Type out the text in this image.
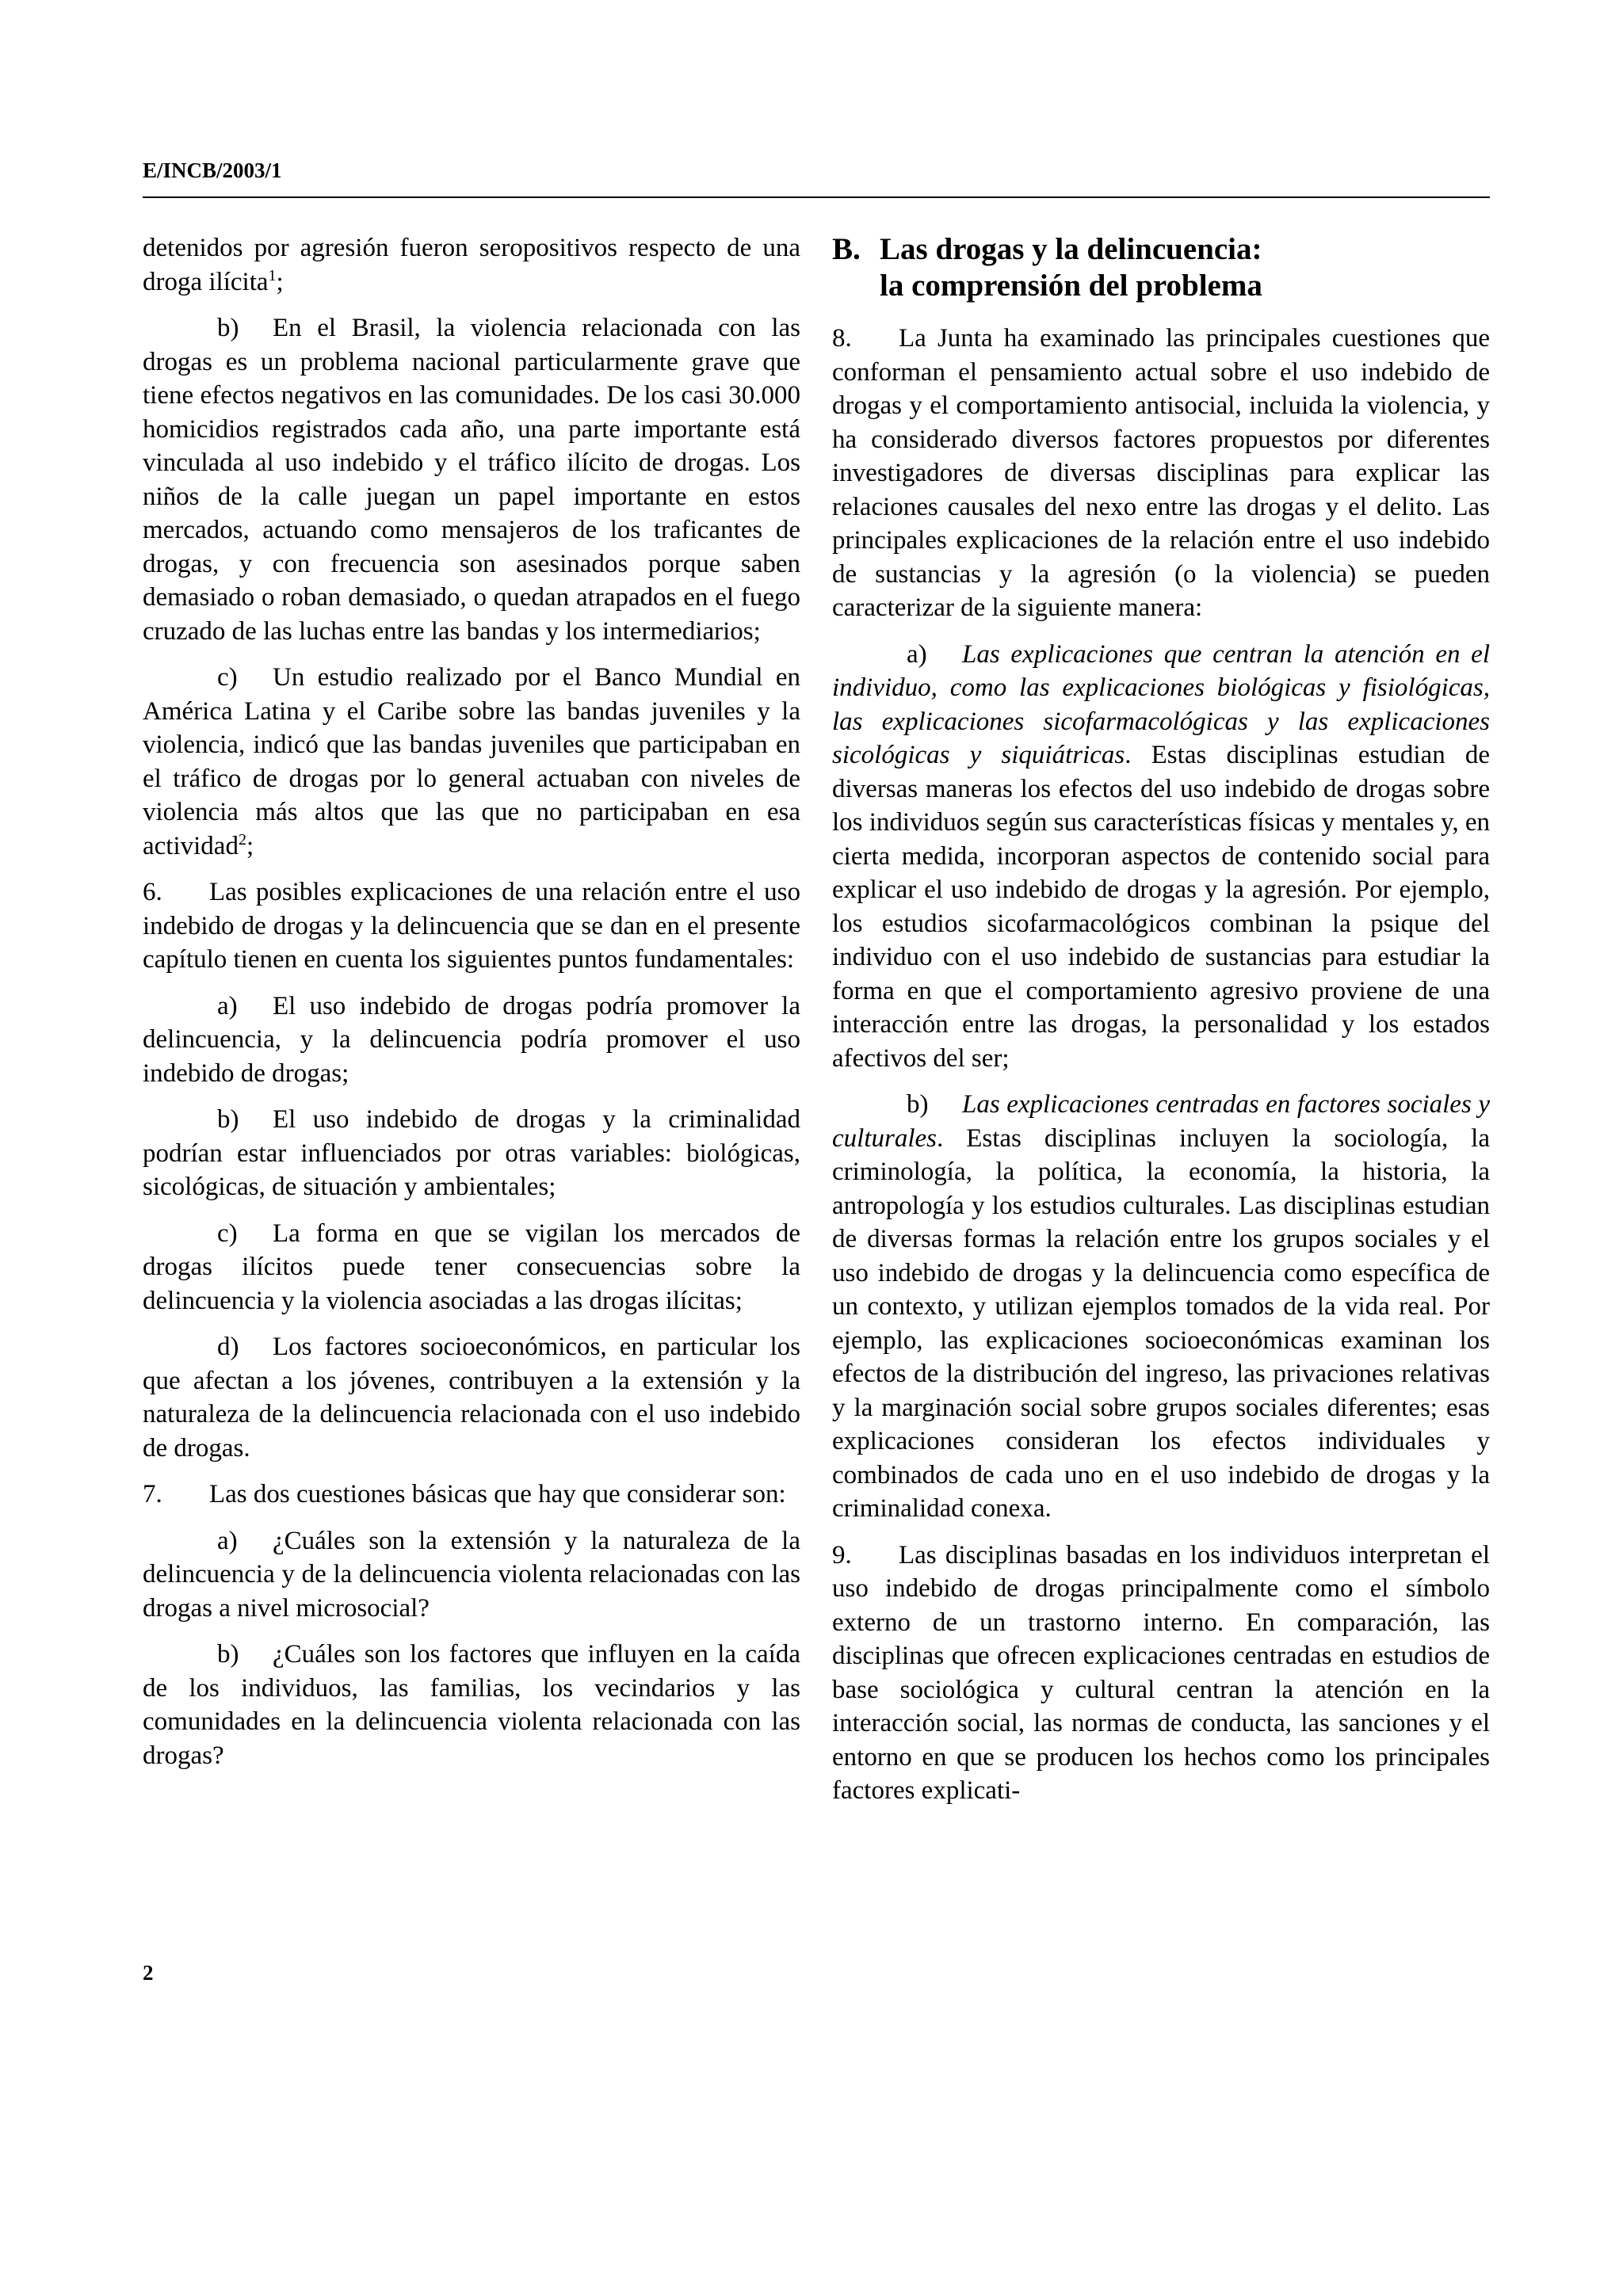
E/INCB/2003/1

detenidos por agresión fueron seropositivos respecto de una droga ilícita$^1$;

b) En el Brasil, la violencia relacionada con las drogas es un problema nacional particularmente grave que tiene efectos negativos en las comunidades. De los casi 30.000 homicidios registrados cada año, una parte importante está vinculada al uso indebido y el tráfico ilícito de drogas. Los niños de la calle juegan un papel importante en estos mercados, actuando como mensajeros de los traficantes de drogas, y con frecuencia son asesinados porque saben demasiado o roban demasiado, o quedan atrapados en el fuego cruzado de las luchas entre las bandas y los intermediarios;

c) Un estudio realizado por el Banco Mundial en América Latina y el Caribe sobre las bandas juveniles y la violencia, indicó que las bandas juveniles que participaban en el tráfico de drogas por lo general actuaban con niveles de violencia más altos que las que no participaban en esa actividad$^2$;

6. Las posibles explicaciones de una relación entre el uso indebido de drogas y la delincuencia que se dan en el presente capítulo tienen en cuenta los siguientes puntos fundamentales:

a) El uso indebido de drogas podría promover la delincuencia, y la delincuencia podría promover el uso indebido de drogas;

b) El uso indebido de drogas y la criminalidad podrían estar influenciados por otras variables: biológicas, sicológicas, de situación y ambientales;

c) La forma en que se vigilan los mercados de drogas ilícitos puede tener consecuencias sobre la delincuencia y la violencia asociadas a las drogas ilícitas;

d) Los factores socioeconómicos, en particular los que afectan a los jóvenes, contribuyen a la extensión y la naturaleza de la delincuencia relacionada con el uso indebido de drogas.

7. Las dos cuestiones básicas que hay que considerar son:

a) ¿Cuáles son la extensión y la naturaleza de la delincuencia y de la delincuencia violenta relacionadas con las drogas a nivel microsocial?

b) ¿Cuáles son los factores que influyen en la caída de los individuos, las familias, los vecindarios y las comunidades en la delincuencia violenta relacionada con las drogas?

B. Las drogas y la delincuencia:
la comprensión del problema

8. La Junta ha examinado las principales cuestiones que conforman el pensamiento actual sobre el uso indebido de drogas y el comportamiento antisocial, incluida la violencia, y ha considerado diversos factores propuestos por diferentes investigadores de diversas disciplinas para explicar las relaciones causales del nexo entre las drogas y el delito. Las principales explicaciones de la relación entre el uso indebido de sustancias y la agresión (o la violencia) se pueden caracterizar de la siguiente manera:

a) Las explicaciones que centran la atención en el individuo, como las explicaciones biológicas y fisiológicas, las explicaciones sicofarmacológicas y las explicaciones sicológicas y siquiátricas. Estas disciplinas estudian de diversas maneras los efectos del uso indebido de drogas sobre los individuos según sus características físicas y mentales y, en cierta medida, incorporan aspectos de contenido social para explicar el uso indebido de drogas y la agresión. Por ejemplo, los estudios sicofarmacológicos combinan la psique del individuo con el uso indebido de sustancias para estudiar la forma en que el comportamiento agresivo proviene de una interacción entre las drogas, la personalidad y los estados afectivos del ser;

b) Las explicaciones centradas en factores sociales y culturales. Estas disciplinas incluyen la sociología, la criminología, la política, la economía, la historia, la antropología y los estudios culturales. Las disciplinas estudian de diversas formas la relación entre los grupos sociales y el uso indebido de drogas y la delincuencia como específica de un contexto, y utilizan ejemplos tomados de la vida real. Por ejemplo, las explicaciones socioeconómicas examinan los efectos de la distribución del ingreso, las privaciones relativas y la marginación social sobre grupos sociales diferentes; esas explicaciones consideran los efectos individuales y combinados de cada uno en el uso indebido de drogas y la criminalidad conexa.

9. Las disciplinas basadas en los individuos interpretan el uso indebido de drogas principalmente como el símbolo externo de un trastorno interno. En comparación, las disciplinas que ofrecen explicaciones centradas en estudios de base sociológica y cultural centran la atención en la interacción social, las normas de conducta, las sanciones y el entorno en que se producen los hechos como los principales factores explicati-

2
